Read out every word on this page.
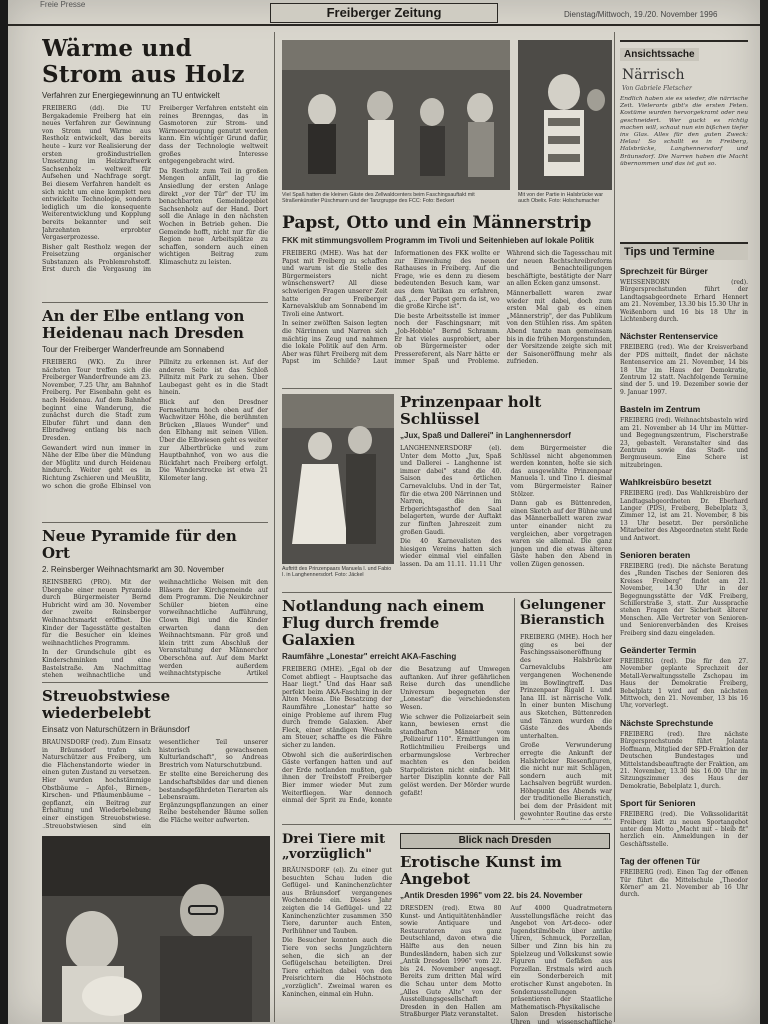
Freie Presse
Freiberger Zeitung	Dienstag/Mittwoch, 19./20. November 1996
Wärme und Strom aus Holz
Verfahren zur Energiegewinnung an TU entwickelt

FREIBERG (dd). Die TU Bergakademie Freiberg hat ein neues Verfahren zur Gewinnung von Strom und Wärme aus Restholz entwickelt, das bereits heute – kurz vor Realisierung der ersten großindustriellen Umsetzung im Heizkraftwerk Sachsenholz – weltweit für Aufsehen und Nachfrage sorgt. Bei diesem Verfahren handelt es sich nicht um eine komplett neu entwickelte Technologie, sondern lediglich um die konsequente Weiterentwicklung und Kopplung bereits bekannter und seit Jahrzehnten erprobter Vergaserprozesse.

Bisher galt Restholz wegen der Freisetzung organischer Substanzen als Problemrohstoff. Erst durch die Vergasung im Freiberger Verfahren entsteht ein reines Brenngas, das in Gasmotoren zur Strom- und Wärmeerzeugung genutzt werden kann. Ein wichtiger Grund dafür, dass der Technologie weltweit großes Interesse entgegengebracht wird.

Da Restholz zum Teil in großen Mengen anfällt, lag die Ansiedlung der ersten Anlage direkt „vor der Tür" der TU im benachbarten Gemeindegebiet Sachsenholz auf der Hand. Dort soll die Anlage in den nächsten Wochen in Betrieb gehen. Die Gemeinde hofft, nicht nur für die Region neue Arbeitsplätze zu schaffen, sondern auch einen wichtigen Beitrag zum Klimaschutz zu leisten.

An der Elbe entlang von Heidenau nach Dresden
Tour der Freiberger Wanderfreunde am Sonnabend

FREIBERG (WK). Zu ihrer nächsten Tour treffen sich die Freiberger Wanderfreunde am 23. November, 7.25 Uhr, am Bahnhof Freiberg. Per Eisenbahn geht es nach Heidenau. Auf dem Bahnhof beginnt eine Wanderung, die zunächst durch die Stadt zum Elbufer führt und dann den Elbradweg entlang bis nach Dresden.

Gewandert wird nun immer in Nähe der Elbe über die Mündung der Müglitz und durch Heidenau hindurch. Weiter geht es in Richtung Zschieren und Meußlitz, wo schon die große Elbinsel von Pillnitz zu erkennen ist. Auf der anderen Seite ist das Schloß Pillnitz mit Park zu sehen. Über Laubegast geht es in die Stadt hinein.

Blick auf den Dresdner Fernsehturm hoch oben auf der Wachwitzer Höhe, die berühmten Brücken „Blaues Wunder" und den Elbhang mit seinen Villen. Über die Elbwiesen geht es weiter zur Albertbrücke und zum Hauptbahnhof, von wo aus die Rückfahrt nach Freiberg erfolgt. Die Wanderstrecke ist etwa 21 Kilometer lang.

Neue Pyramide für den Ort
2. Reinsberger Weihnachtsmarkt am 30. November

REINSBERG (PRO). Mit der Übergabe einer neuen Pyramide durch Bürgermeister Bernd Hubricht wird am 30. November der zweite Reinsberger Weihnachtsmarkt eröffnet. Die Kinder der Tagesstätte gestalten für die Besucher ein kleines weihnachtliches Programm.

In der Grundschule gibt es Kinderschminken und eine Bastelstraße. Am Nachmittag stehen weihnachtliche und weihnachtliche Weisen mit den Bläsern der Kirchgemeinde auf dem Programm. Die Neukirchner Schüler bieten eine vorweihnachtliche Aufführung, Clown Bigi und die Kinder erwarten dann den Weihnachtsmann. Für groß und klein tritt zum Abschluß der Veranstaltung der Männerchor Oberschöna auf. Auf dem Markt werden außerdem weihnachtstypische Artikel

Streuobstwiese wiederbelebt
Einsatz von Naturschützern in Bräunsdorf

BRÄUNSDORF (red). Zum Einsatz in Bräunsdorf trafen sich Naturschützer aus Freiberg, um die Flächenstandorte wieder in einen guten Zustand zu versetzen. Hier wurden hochstämmige Obstbäume – Apfel-, Birnen-, Kirschen- und Pflaumenbäume – gepflanzt, ein Beitrag zur Erhaltung und Wiederbelebung einer einstigen Streuobstwiese. „Streuobstwiesen sind ein wesentlicher Teil unserer historisch gewachsenen Kulturlandschaft", so Andreas Brestrich vom Naturschutzbund.

Er stellte eine Bereicherung des Landschaftsbildes dar und dienen bestandsgefährdeten Tierarten als Lebensraum. Ergänzungspflanzungen an einer Reihe bestehender Bäume sollen die Fläche weiter aufwerten.

Viel Spaß hatten die kleinen Gäste des Zellwaldcenters beim Faschingsauftakt mit Straßenkünstler Püschmann und der Tanzgruppe des FCC: Foto: Beckert
Mit von der Partie in Halsbrücke war auch Obelix. Foto: Holschumacher
Papst, Otto und ein Männerstrip
FKK mit stimmungsvollem Programm im Tivoli und Seitenhieben auf lokale Politik

FREIBERG (MHE). Was hat der Papst mit Freiberg zu schaffen und warum ist die Stelle des Bürgermeisters nicht wünschenswert? All diese schwierigen Fragen unserer Zeit hatte der Freiberger Karnevalsklub am Sonnabend im Tivoli eine Antwort.

In seiner zwölften Saison legten die Närrinnen und Narren sich mächtig ins Zeug und nahmen die lokale Politik auf den Arm. Aber was führt Freiberg mit dem Papst im Schilde? Laut Informationen des FKK wollte er zur Einweihung des neuen Rathauses in Freiberg. Auf die Frage, wie es denn zu diesem bedeutenden Besuch kam, war aus dem Vatikan zu erfahren, daß „... der Papst gern da ist, wo die große Kirche ist".

Die beste Arbeitsstelle ist immer noch der Faschingsnarr, mit „Job-Hobbie" Bernd Schramm. Er hat vieles ausprobiert, aber ob Bürgermeister oder Pressereferent, als Narr hätte er immer Spaß und Probleme. Während sich die Tagesschau mit der neuen Rechtschreibreform und Benachteiligungen beschäftigte, bestätigte der Narr an allen Ecken ganz umsonst.

Männerballett waren zwar wieder mit dabei, doch zum ersten Mal gab es einen „Männerstrip", der das Publikum von den Stühlen riss. Am späten Abend tanzte man gemeinsam bis in die frühen Morgenstunden, der Vorsitzende zeigte sich mit der Saisoneröffnung mehr als zufrieden.

Auftritt des Prinzenpaars Manuela I. und Fabio I. in Langhennersdorf. Foto: Jäckel
Prinzenpaar holt Schlüssel
„Jux, Spaß und Dallerei" in Langhennersdorf

LANGHENNERSDORF (el). Unter dem Motto „Jux, Spaß und Dallerei – Langhenne ist immer dabei" stand die 40. Saison des örtlichen Carnevalclubs. Und in der Tat, für die etwa 200 Närrinnen und Narren, die im Erbgerichtsgasthof den Saal belagerten, wurde der Auftakt zur fünften Jahreszeit zum großen Gaudi.

Die 40 Karnevalisten des hiesigen Vereins hatten sich wieder einmal viel einfallen lassen. Da am 11.11. 11.11 Uhr dem Bürgermeister die Schlüssel nicht abgenommen werden konnten, holte sie sich das ausgewählte Prinzenpaar Manuela I. und Tino I. diesmal vom Bürgermeister Rainer Stölzer.

Dann gab es Büttenreden, einen Sketch auf der Bühne und das Männerballett waren zwar unter einander nicht zu vergleichen, aber vorgetragen waren sie allemal. Die ganz jungen und die etwas älteren Gäste haben den Abend in vollen Zügen genossen.

Notlandung nach einem Flug durch fremde Galaxien
Raumfähre „Lonestar" erreicht AKA-Fasching

FREIBERG (MHE). „Egal ob der Comet abfliegt – Hauptsache das Haar liegt." Und das Haar saß perfekt beim AKA-Fasching in der Alten Mensa. Die Besatzung der Raumfähre „Lonestar" hatte so einige Probleme auf ihrem Flug durch fremde Galaxien. Aber Fleck, einer ständigen Wechseln am Steuer, schaffte es die Fähre sicher zu landen.

Obwohl sich die außerirdischen Gäste verfangen hatten und auf der Erde notlanden mußten, gab ihnen der Treibstoff Freiberger Bier immer wieder Mut zum Weiterfliegen. War dennoch einmal der Sprit zu Ende, konnte die Besatzung auf Umwegen auftanken. Auf ihrer gefährlichen Reise durch das unendliche Universum begegneten der „Lonestar" die verschiedensten Wesen.

Wie schwer die Polizeiarbeit sein kann, bewiesen ernst die standhaften Männer vom „Polizeiruf 110". Ermittlungen im Rotlichtmilieu Freibergs und erbarmungslose Verbrecher machten es den beiden Starpolizisten nicht einfach. Mit harter Disziplin konnte der Fall gelöst werden. Der Mörder wurde gefaßt!

Gelungener Bieranstich

FREIBERG (MHE). Hoch her ging es bei der Faschingssaisoneröffnung des Halsbrücker Carnevalclubs am vergangenen Wochenende im Bowlingtreff. Das Prinzenpaar Rigald I. und Jana III. ist närrische Volk. In einer bunten Mischung aus Sketchen, Büttenreden und Tänzen wurden die Gäste des Abends unterhalten.

Große Verwunderung erregte die Ankunft der Halsbrücker Riesenfiguren, die nicht nur mit Schlägen, sondern auch mit Lachsalven begrüßt wurden. Höhepunkt des Abends war der traditionelle Bieranstich, bei dem der Präsident mit gewohnter Routine das erste

Drei Tiere mit „vorzüglich"

BRÄUNSDORF (el). Zu einer gut besuchten Schau luden die Geflügel- und Kaninchenzüchter aus Bräunsdorf vergangenes Wochenende ein. Dieses Jahr zeigten die 14 Geflügel- und 22 Kaninchenzüchter zusammen 350 Tiere, darunter auch Enten, Perlhühner und Tauben.

Die Besucher konnten auch die Tiere von sechs Jungzüchtern sehen, die sich an der Geflügelschau beteiligten. Drei Tiere erhielten dabei von den Preisrichtern die Höchstnote „vorzüglich". Zweimal waren es Kaninchen, einmal ein Huhn.

Blick nach Dresden
Erotische Kunst im Angebot
„Antik Dresden 1996" vom 22. bis 24. November

DRESDEN (red). Etwa 80 Kunst- und Antiquitätenhändler sowie Antiquare und Restauratoren aus ganz Deutschland, davon etwa die Hälfte aus den neuen Bundesländern, haben sich zur „Antik Dresden 1996" vom 22. bis 24. November angesagt. Bereits zum dritten Mal wird die Schau unter dem Motto „Alles Gute Alte" von der Ausstellungsgesellschaft Dresden in den Hallen am Straßburger Platz veranstaltet.

Auf 4000 Quadratmetern Ausstellungsfläche reicht das Angebot von Art-deco- oder Jugendstilmöbeln über antike Uhren, Schmuck, Porzellan, Silber und Zinn bis hin zu Spielzeug und Volkskunst sowie Figuren und Gefäßen aus Porzellan. Erstmals wird auch ein Sonderbereich mit erotischer Kunst angeboten. In Sonderausstellungen präsentieren der Staatliche Mathematisch-Physikalische Salon Dresden historische Uhren und wissenschaftliche

Ansichtssache
Närrisch
Von Gabriele Fletscher

Endlich haben sie es wieder, die närrische Zeit. Vielerorts gibt's die ersten Feten. Kostüme wurden hervorgekramt oder neu geschneidert. Wer guckt es richtig machen will, schaut nun ein bißchen tiefer ins Glas. Alles für den guten Zweck: Helau! So schallt es in Freiberg, Halsbrücke, Langhennersdorf und Bräunsdorf. Die Narren haben die Macht übernommen und das ist gut so.

Tips und Termine
Sprechzeit für Bürger

WEISSENBORN (red). Bürgersprechstunden führt der Landtagsabgeordnete Erhard Hennert am 21. November, 13.30 bis 15.30 Uhr in Weißenborn und 16 bis 18 Uhr in Lichtenberg durch.

Nächster Rentenservice

FREIBERG (red). Wie der Kreisverband der PDS mitteilt, findet der nächste Rentenservice am 21. November, 14 bis 18 Uhr im Haus der Demokratie, Zentrum 12 statt. Nachfolgende Termine sind der 5. und 19. Dezember sowie der 9. Januar 1997.

Basteln im Zentrum

FREIBERG (red). Weihnachtsbasteln wird am 21. November ab 14 Uhr im Mütter- und Begegnungszentrum, Fischerstraße 23, gebastelt. Veranstalter sind das Zentrum sowie das Stadt- und Bergmuseum. Eine Schere ist mitzubringen.

Wahlkreisbüro besetzt

FREIBERG (red). Das Wahlkreisbüro der Landtagsabgeordneten Dr. Eberhard Langer (PDS), Freiberg, Bebelplatz 3, Zimmer 12, ist am 21. November, 8 bis 13 Uhr besetzt. Der persönliche Mitarbeiter des Abgeordneten steht Rede und Antwort.

Senioren beraten

FREIBERG (red). Die nächste Beratung des „Runden Tisches der Senioren des Kreises Freiberg" findet am 21. November, 14.30 Uhr in der Begegnungsstätte der VdK Freiberg, Schillerstraße 3, statt. Zur Aussprache stehen Fragen der Sicherheit älterer Menschen. Alle Vertreter von Senioren- und Seniorenverbänden des Kreises Freiberg sind dazu eingeladen.

Geänderter Termin

FREIBERG (red). Die für den 27. November geplante Sprechzeit der Metall-Verwaltungsstelle Zschopau im Haus der Demokratie Freiberg, Bebelplatz 1 wird auf den nächsten Mittwoch, den 21. November, 13 bis 16 Uhr, vorverlegt.

Nächste Sprechstunde

FREIBERG (red). Ihre nächste Bürgersprechstunde führt Jolanta Hoffmann, Mitglied der SPD-Fraktion der Deutschen Bundestages und Mittelstandsbeauftragte der Fraktion, am 21. November, 13.30 bis 16.00 Uhr im Sitzungszimmer des Haus der Demokratie, Bebelplatz 1, durch.

Sport für Senioren

FREIBERG (red). Die Volkssolidarität Freiberg lädt zu neuen Sportangebot unter dem Motto „Macht mit – bleib fit" herzlich ein. Anmeldungen in der Geschäftsstelle.

Tag der offenen Tür

FREIBERG (red). Einen Tag der offenen Tür führt die Mittelschule „Theodor Körner" am 21. November ab 16 Uhr durch.
